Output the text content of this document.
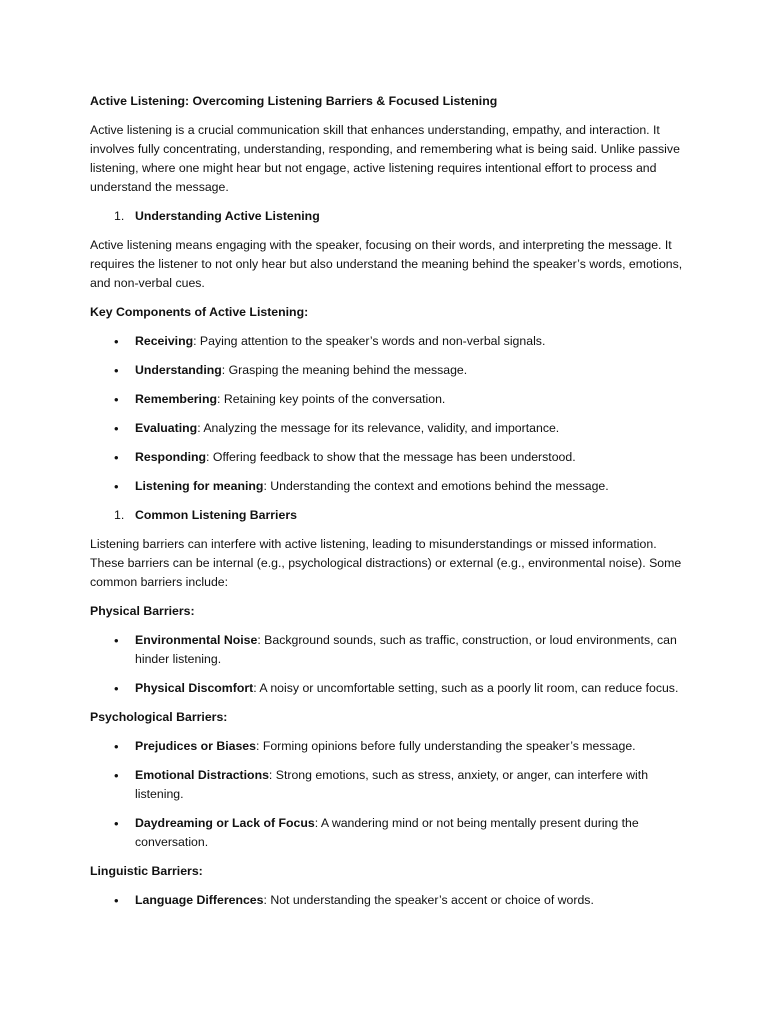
Active Listening: Overcoming Listening Barriers & Focused Listening

Active listening is a crucial communication skill that enhances understanding, empathy, and interaction. It involves fully concentrating, understanding, responding, and remembering what is being said. Unlike passive listening, where one might hear but not engage, active listening requires intentional effort to process and understand the message.

1. Understanding Active Listening

Active listening means engaging with the speaker, focusing on their words, and interpreting the message. It requires the listener to not only hear but also understand the meaning behind the speaker’s words, emotions, and non-verbal cues.

Key Components of Active Listening:

• Receiving: Paying attention to the speaker’s words and non-verbal signals.
• Understanding: Grasping the meaning behind the message.
• Remembering: Retaining key points of the conversation.
• Evaluating: Analyzing the message for its relevance, validity, and importance.
• Responding: Offering feedback to show that the message has been understood.
• Listening for meaning: Understanding the context and emotions behind the message.
1. Common Listening Barriers

Listening barriers can interfere with active listening, leading to misunderstandings or missed information. These barriers can be internal (e.g., psychological distractions) or external (e.g., environmental noise). Some common barriers include:

Physical Barriers:

• Environmental Noise: Background sounds, such as traffic, construction, or loud environments, can hinder listening.
• Physical Discomfort: A noisy or uncomfortable setting, such as a poorly lit room, can reduce focus.

Psychological Barriers:

• Prejudices or Biases: Forming opinions before fully understanding the speaker’s message.
• Emotional Distractions: Strong emotions, such as stress, anxiety, or anger, can interfere with listening.
• Daydreaming or Lack of Focus: A wandering mind or not being mentally present during the conversation.

Linguistic Barriers:

• Language Differences: Not understanding the speaker’s accent or choice of words.
